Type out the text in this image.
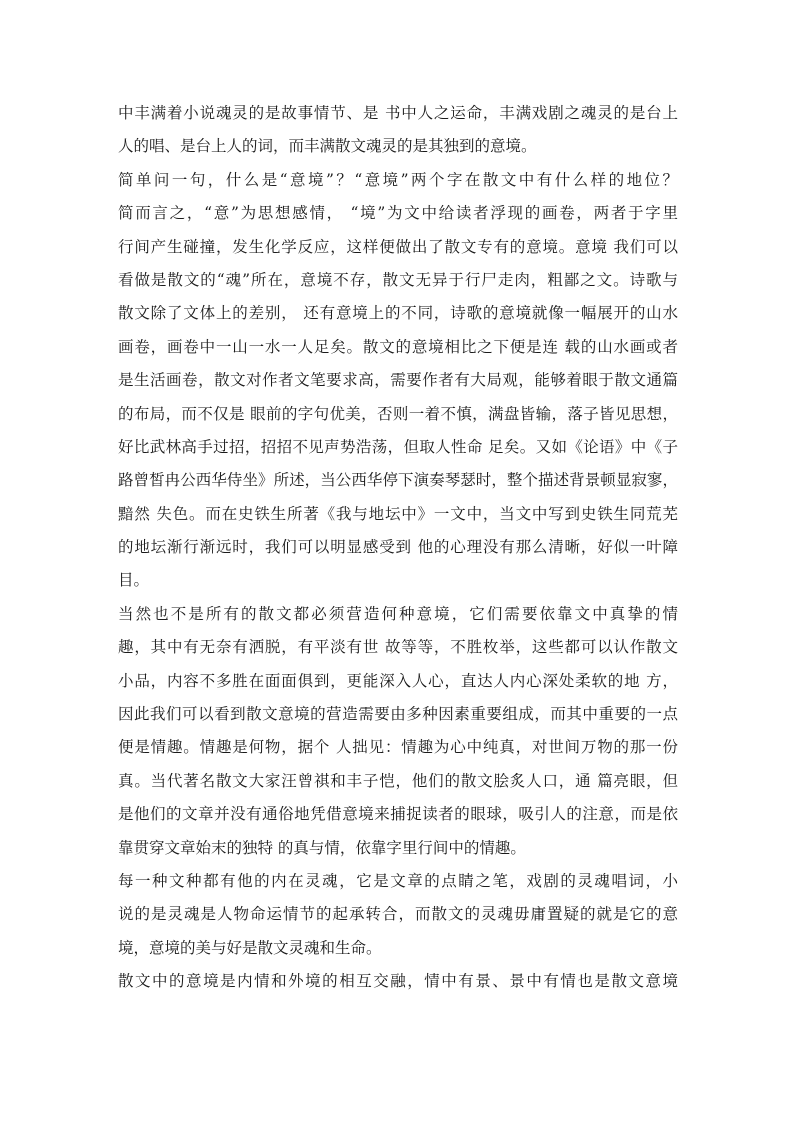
中丰满着小说魂灵的是故事情节、是 书中人之运命，丰满戏剧之魂灵的是台上
人的唱、是台上人的词，而丰满散文魂灵的是其独到的意境。
简单问一句，什么是“意境”？“意境”两个字在散文中有什么样的地位？
简而言之，“意”为思想感情， “境”为文中给读者浮现的画卷，两者于字里
行间产生碰撞，发生化学反应，这样便做出了散文专有的意境。意境 我们可以
看做是散文的“魂”所在，意境不存，散文无异于行尸走肉，粗鄙之文。诗歌与
散文除了文体上的差别， 还有意境上的不同，诗歌的意境就像一幅展开的山水
画卷，画卷中一山一水一人足矣。散文的意境相比之下便是连 载的山水画或者
是生活画卷，散文对作者文笔要求高，需要作者有大局观，能够着眼于散文通篇
的布局，而不仅是 眼前的字句优美，否则一着不慎，满盘皆输，落子皆见思想，
好比武林高手过招，招招不见声势浩荡，但取人性命 足矣。又如《论语》中《子
路曾皙冉公西华侍坐》所述，当公西华停下演奏琴瑟时，整个描述背景顿显寂寥，
黯然 失色。而在史铁生所著《我与地坛中》一文中，当文中写到史铁生同荒芜
的地坛渐行渐远时，我们可以明显感受到 他的心理没有那么清晰，好似一叶障
目。
当然也不是所有的散文都必须营造何种意境，它们需要依靠文中真挚的情
趣，其中有无奈有洒脱，有平淡有世 故等等，不胜枚举，这些都可以认作散文
小品，内容不多胜在面面俱到，更能深入人心，直达人内心深处柔软的地 方，
因此我们可以看到散文意境的营造需要由多种因素重要组成，而其中重要的一点
便是情趣。情趣是何物，据个 人拙见：情趣为心中纯真，对世间万物的那一份
真。当代著名散文大家汪曾祺和丰子恺，他们的散文脍炙人口，通 篇亮眼，但
是他们的文章并没有通俗地凭借意境来捕捉读者的眼球，吸引人的注意，而是依
靠贯穿文章始末的独特 的真与情，依靠字里行间中的情趣。
每一种文种都有他的内在灵魂，它是文章的点睛之笔，戏剧的灵魂唱词，小
说的是灵魂是人物命运情节的起承转合，而散文的灵魂毋庸置疑的就是它的意
境，意境的美与好是散文灵魂和生命。
散文中的意境是内情和外境的相互交融，情中有景、景中有情也是散文意境
